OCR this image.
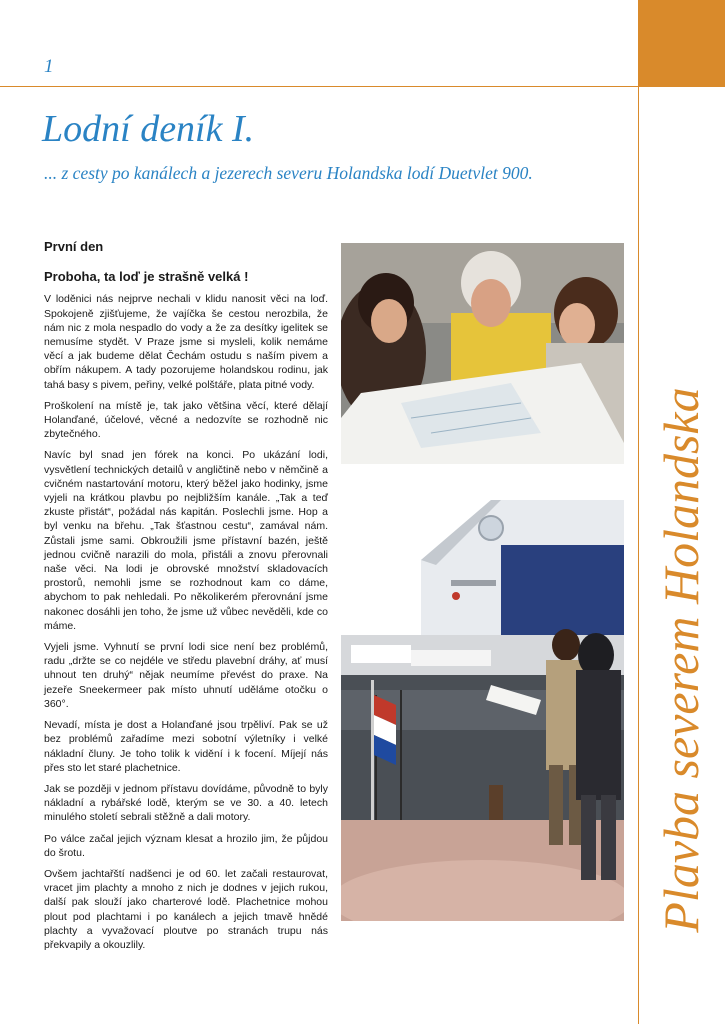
1

Lodní deník I.

... z cesty po kanálech a jezerech severu Holandska lodí Duetvlet 900.

Plavba severem Holandska
První den
Proboha, ta loď je strašně velká !

V loděnici nás nejprve nechali v klidu nanosit věci na loď. Spokojeně zjišťujeme, že vajíčka še cestou nerozbila, že nám nic z mola nespadlo do vody a že za desítky igelitek se nemusíme stydět. V Praze jsme si mysleli, kolik nemáme věcí a jak budeme dělat Čechám ostudu s naším pivem a obřím nákupem. A tady pozorujeme holandskou rodinu, jak tahá basy s pivem, peřiny, velké polštáře, plata pitné vody.

Proškolení na místě je, tak jako většina věcí, které dělají Holanďané, účelové, věcné a nedozvíte se rozhodně nic zbytečného.

Navíc byl snad jen fórek na konci. Po ukázání lodi, vysvětlení technických detailů v angličtině nebo v němčině a cvičném nastartování motoru, který běžel jako hodinky, jsme vyjeli na krátkou plavbu po nejbližším kanále. „Tak a teď zkuste přistát“, požádal nás kapitán. Poslechli jsme. Hop a byl venku na břehu. „Tak šťastnou cestu“, zamával nám. Zůstali jsme sami. Obkroužili jsme přístavní bazén, ještě jednou cvičně narazili do mola, přistáli a znovu přerovnali naše věci. Na lodi je obrovské množství skladovacích prostorů, nemohli jsme se rozhodnout kam co dáme, abychom to pak nehledali. Po několikerém přerovnání jsme nakonec dosáhli jen toho, že jsme už vůbec nevěděli, kde co máme.

Vyjeli jsme. Vyhnutí se první lodi sice není bez problémů, radu „držte se co nejdéle ve středu plavební dráhy, ať musí uhnout ten druhý“ nějak neumíme převést do praxe. Na jezeře Sneekermeer pak místo uhnutí uděláme otočku o 360°.

Nevadí, místa je dost a Holanďané jsou trpěliví. Pak se už bez problémů zařadíme mezi sobotní výletníky i velké nákladní čluny. Je toho tolik k vidění i k focení. Míjejí nás přes sto let staré plachetnice.

Jak se později v jednom přístavu dovídáme, původně to byly nákladní a rybářské lodě, kterým se ve 30. a 40. letech minulého století sebrali stěžně a dali motory.

Po válce začal jejich význam klesat a hrozilo jim, že půjdou do šrotu.

Ovšem jachtařští nadšenci je od 60. let začali restaurovat, vracet jim plachty a mnoho z nich je dodnes v jejich rukou, další pak slouží jako charterové lodě. Plachetnice mohou plout pod plachtami i po kanálech a jejich tmavě hnědé plachty a vyvažovací ploutve po stranách trupu nás překvapily a okouzlily.
